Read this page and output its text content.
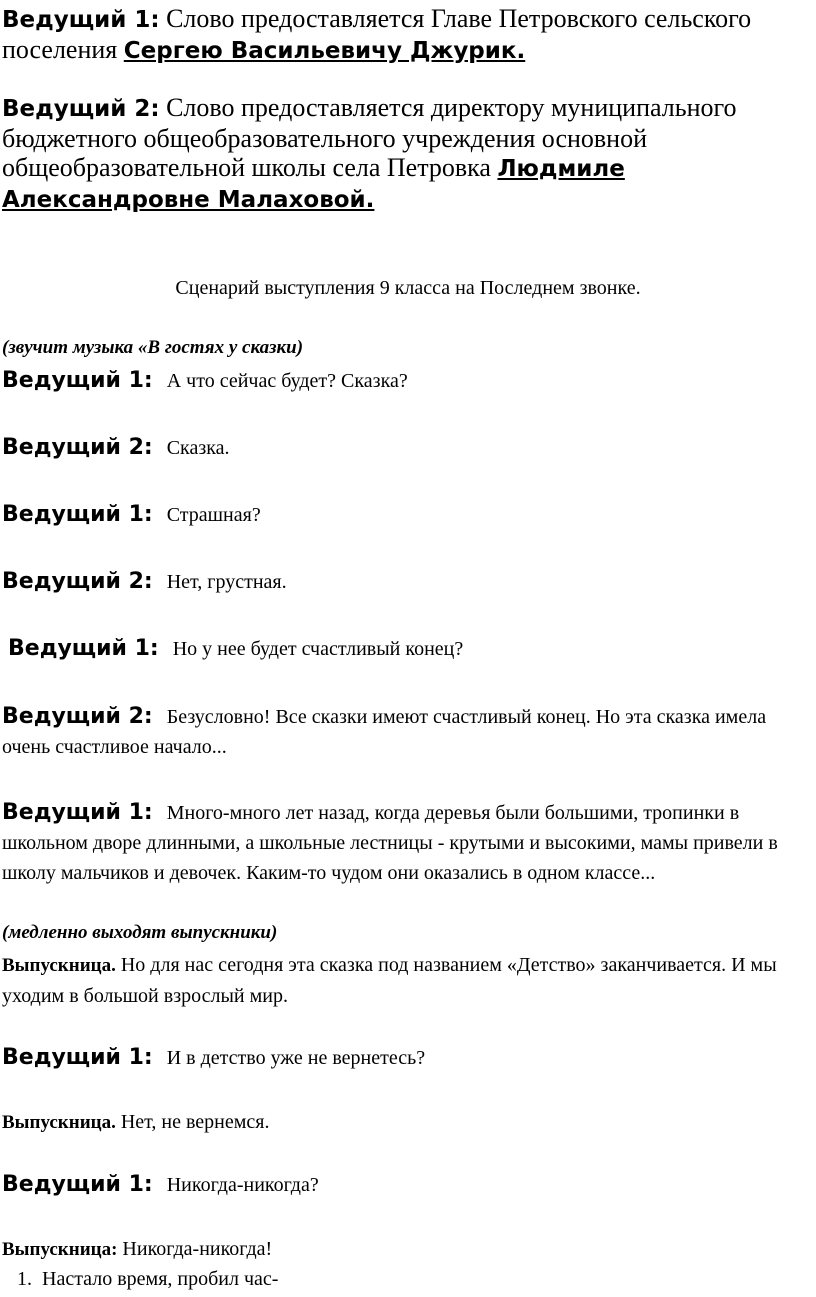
Ведущий 1: Слово предоставляется Главе Петровского сельского поселения Сергею Васильевичу Джурик.

Ведущий 2: Слово предоставляется директору муниципального бюджетного общеобразовательного учреждения основной общеобразовательной школы села Петровка Людмиле Александровне Малаховой.

Сценарий выступления 9 класса на Последнем звонке.
(звучит музыка «В гостях у сказки)
Ведущий 1: А что сейчас будет? Сказка?
Ведущий 2: Сказка.
Ведущий 1: Страшная?
Ведущий 2: Нет, грустная.
Ведущий 1: Но у нее будет счастливый конец?
Ведущий 2: Безусловно! Все сказки имеют счастливый конец. Но эта сказка имела очень счастливое начало...
Ведущий 1: Много-много лет назад, когда деревья были большими, тропинки в школьном дворе длинными, а школьные лестницы - крутыми и высокими, мамы привели в школу мальчиков и девочек. Каким-то чудом они оказались в одном классе...
(медленно выходят выпускники)
Выпускница. Но для нас сегодня эта сказка под названием «Детство» заканчивается. И мы уходим в большой взрослый мир.
Ведущий 1: И в детство уже не вернетесь?
Выпускница. Нет, не вернемся.
Ведущий 1: Никогда-никогда?
Выпускница: Никогда-никогда!
1. Настало время, пробил час-
